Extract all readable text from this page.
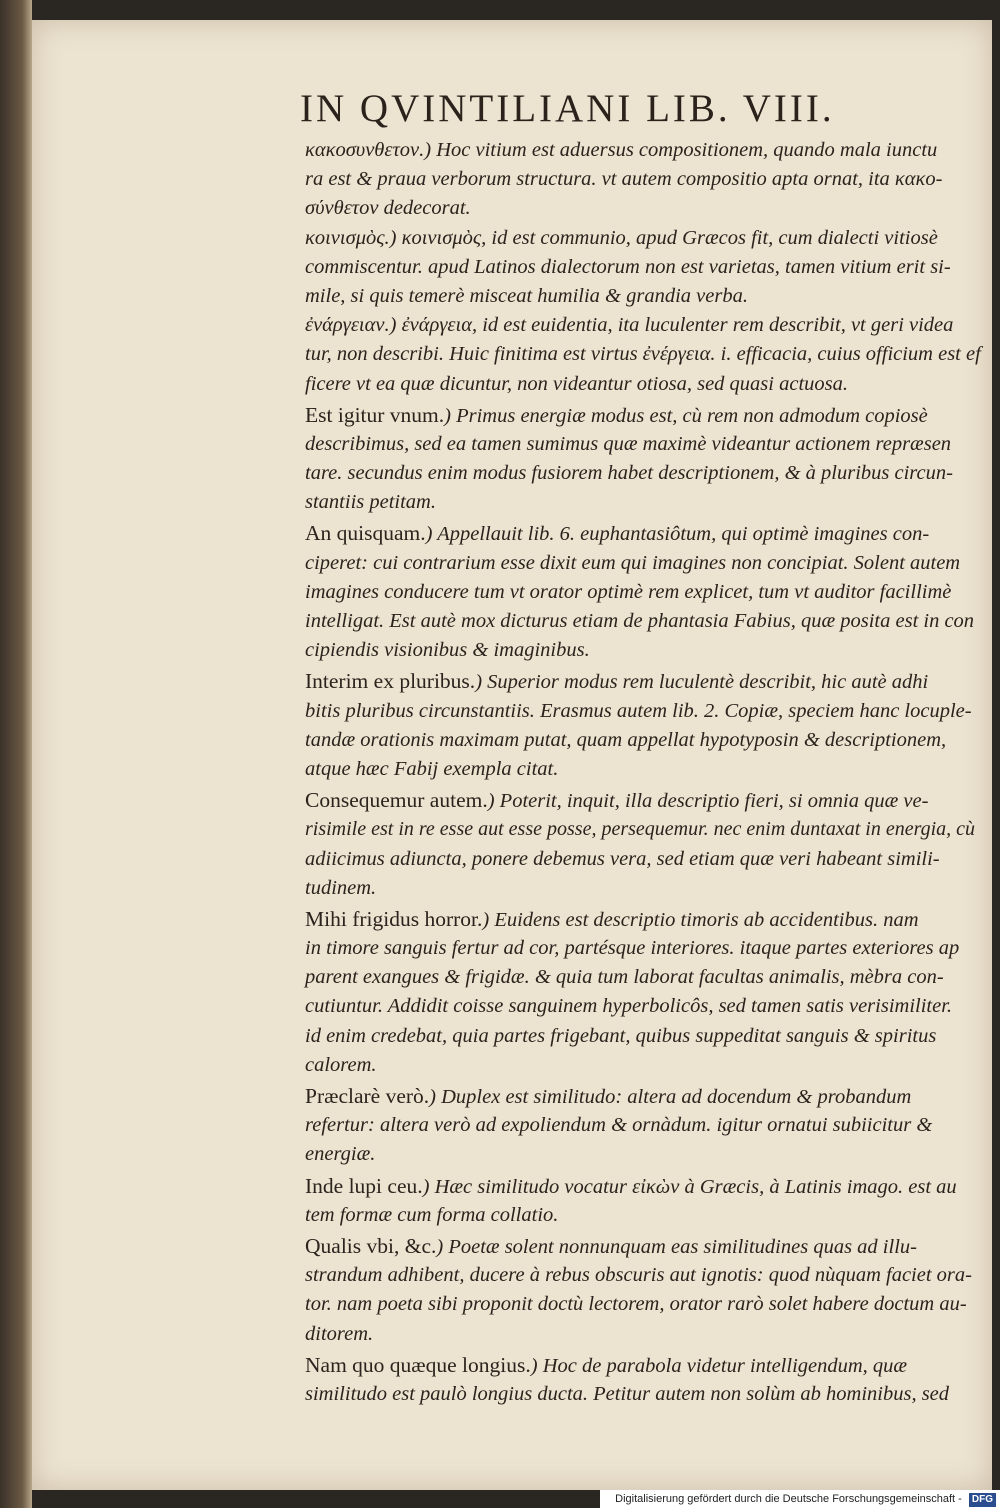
IN QVINTILIANI LIB. VIII.
κακοσυνθετον.) Hoc vitium est aduersus compositionem, quando mala iunctu
ra est & praua verborum structura. vt autem compositio apta ornat, ita κακο-
σύνθετον dedecorat.
κοινισμὸς.) κοινισμὸς, id est communio, apud Græcos fit, cum dialecti vitiosè
commiscentur. apud Latinos dialectorum non est varietas, tamen vitium erit si-
mile, si quis temerè misceat humilia & grandia verba.
ἐνάργειαν.) ἐνάργεια, id est euidentia, ita luculenter rem describit, vt geri videa
tur, non describi. Huic finitima est virtus ἐνέργεια. i. efficacia, cuius officium est ef
ficere vt ea quæ dicuntur, non videantur otiosa, sed quasi actuosa.
Est igitur vnum.) Primus energiæ modus est, cù rem non admodum copiosè
describimus, sed ea tamen sumimus quæ maximè videantur actionem repræsen
tare. secundus enim modus fusiorem habet descriptionem, & à pluribus circun-
stantiis petitam.
An quisquam.) Appellauit lib. 6. euphantasiôtum, qui optimè imagines con-
ciperet: cui contrarium esse dixit eum qui imagines non concipiat. Solent autem
imagines conducere tum vt orator optimè rem explicet, tum vt auditor facillimè
intelligat. Est autè mox dicturus etiam de phantasia Fabius, quæ posita est in con
cipiendis visionibus & imaginibus.
Interim ex pluribus.) Superior modus rem luculentè describit, hic autè adhi
bitis pluribus circunstantiis. Erasmus autem lib. 2. Copiæ, speciem hanc locuple-
tandæ orationis maximam putat, quam appellat hypotyposin & descriptionem,
atque hæc Fabij exempla citat.
Consequemur autem.) Poterit, inquit, illa descriptio fieri, si omnia quæ ve-
risimile est in re esse aut esse posse, persequemur. nec enim duntaxat in energia, cù
adiicimus adiuncta, ponere debemus vera, sed etiam quæ veri habeant simili-
tudinem.
Mihi frigidus horror.) Euidens est descriptio timoris ab accidentibus. nam
in timore sanguis fertur ad cor, partésque interiores. itaque partes exteriores ap
parent exangues & frigidæ. & quia tum laborat facultas animalis, mèbra con-
cutiuntur. Addidit coisse sanguinem hyperbolicôs, sed tamen satis verisimiliter.
id enim credebat, quia partes frigebant, quibus suppeditat sanguis & spiritus
calorem.
Præclarè verò.) Duplex est similitudo: altera ad docendum & probandum
refertur: altera verò ad expoliendum & ornàdum. igitur ornatui subiicitur &
energiæ.
Inde lupi ceu.) Hæc similitudo vocatur εἰκὼν à Græcis, à Latinis imago. est au
tem formæ cum forma collatio.
Qualis vbi, &c.) Poetæ solent nonnunquam eas similitudines quas ad illu-
strandum adhibent, ducere à rebus obscuris aut ignotis: quod nùquam faciet ora-
tor. nam poeta sibi proponit doctù lectorem, orator rarò solet habere doctum au-
ditorem.
Nam quo quæque longius.) Hoc de parabola videtur intelligendum, quæ
similitudo est paulò longius ducta. Petitur autem non solùm ab hominibus, sed
Digitalisierung gefördert durch die Deutsche Forschungsgemeinschaft - DFG
